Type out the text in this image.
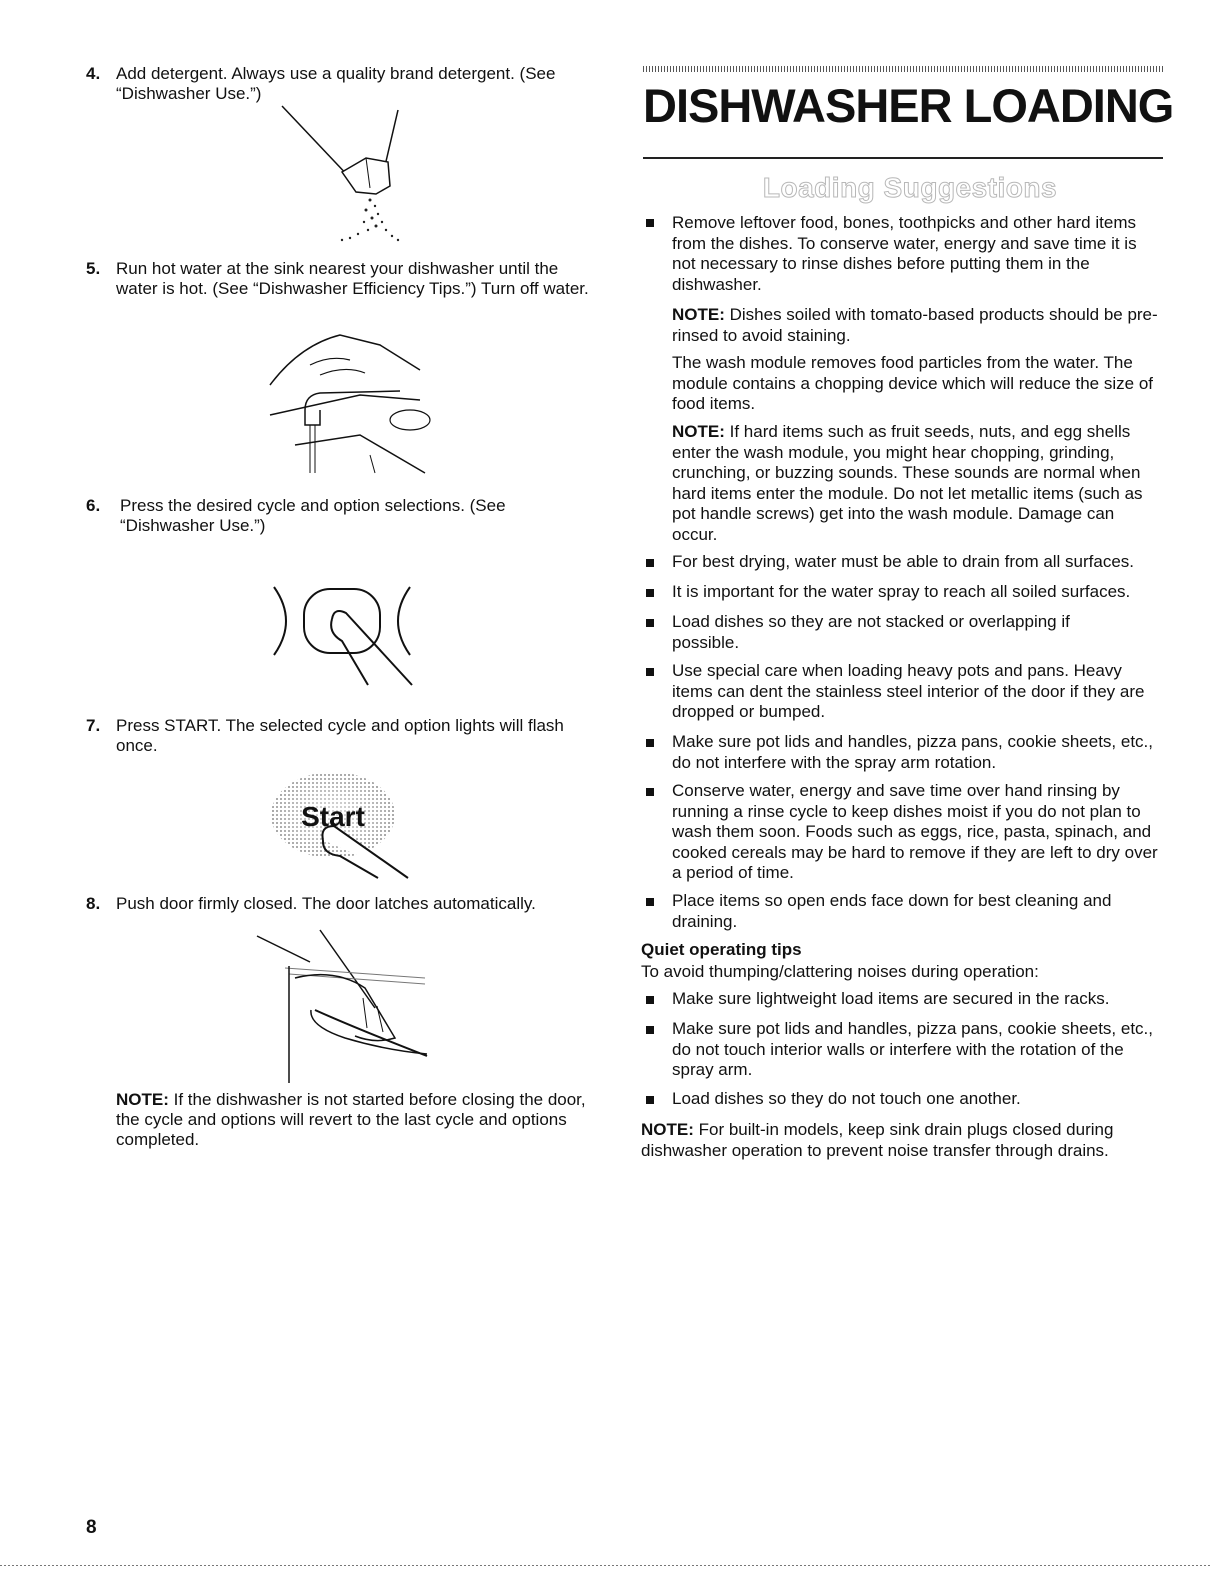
4. Add detergent. Always use a quality brand detergent. (See “Dishwasher Use.”)

5. Run hot water at the sink nearest your dishwasher until the water is hot. (See “Dishwasher Efficiency Tips.”) Turn off water.

6. Press the desired cycle and option selections. (See “Dishwasher Use.”)

7. Press START. The selected cycle and option lights will flash once.

Start
8. Push door firmly closed. The door latches automatically.

NOTE: If the dishwasher is not started before closing the door, the cycle and options will revert to the last cycle and options completed.

DISHWASHER LOADING
Loading Suggestions

Remove leftover food, bones, toothpicks and other hard items from the dishes. To conserve water, energy and save time it is not necessary to rinse dishes before putting them in the dishwasher.

NOTE: Dishes soiled with tomato-based products should be pre-rinsed to avoid staining.

The wash module removes food particles from the water. The module contains a chopping device which will reduce the size of food items.

NOTE: If hard items such as fruit seeds, nuts, and egg shells enter the wash module, you might hear chopping, grinding, crunching, or buzzing sounds. These sounds are normal when hard items enter the module. Do not let metallic items (such as pot handle screws) get into the wash module. Damage can occur.

For best drying, water must be able to drain from all surfaces.

It is important for the water spray to reach all soiled surfaces.

Load dishes so they are not stacked or overlapping if possible.

Use special care when loading heavy pots and pans. Heavy items can dent the stainless steel interior of the door if they are dropped or bumped.

Make sure pot lids and handles, pizza pans, cookie sheets, etc., do not interfere with the spray arm rotation.

Conserve water, energy and save time over hand rinsing by running a rinse cycle to keep dishes moist if you do not plan to wash them soon. Foods such as eggs, rice, pasta, spinach, and cooked cereals may be hard to remove if they are left to dry over a period of time.

Place items so open ends face down for best cleaning and draining.

Quiet operating tips

To avoid thumping/clattering noises during operation:

Make sure lightweight load items are secured in the racks.

Make sure pot lids and handles, pizza pans, cookie sheets, etc., do not touch interior walls or interfere with the rotation of the spray arm.

Load dishes so they do not touch one another.

NOTE: For built-in models, keep sink drain plugs closed during dishwasher operation to prevent noise transfer through drains.

8
